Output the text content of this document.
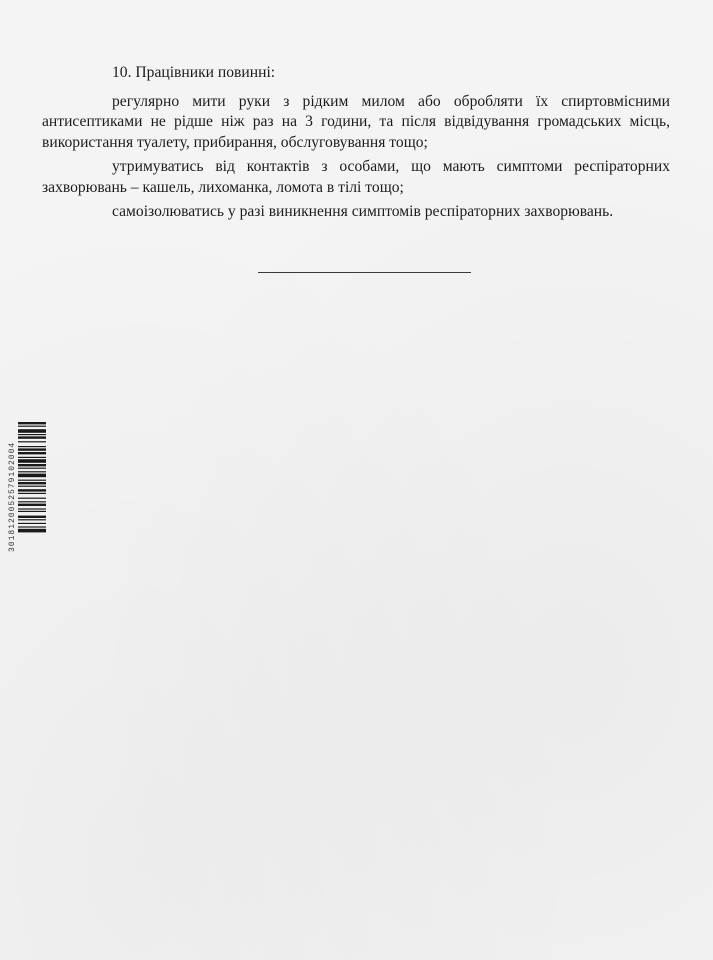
10. Працівники повинні:

регулярно мити руки з рідким милом або обробляти їх спиртовмісними антисептиками не рідше ніж раз на 3 години, та після відвідування громадських місць, використання туалету, прибирання, обслуговування тощо;

утримуватись від контактів з особами, що мають симптоми респіраторних захворювань – кашель, лихоманка, ломота в тілі тощо;

самоізолюватись у разі виникнення симптомів респіраторних захворювань.

3018120052579102004
